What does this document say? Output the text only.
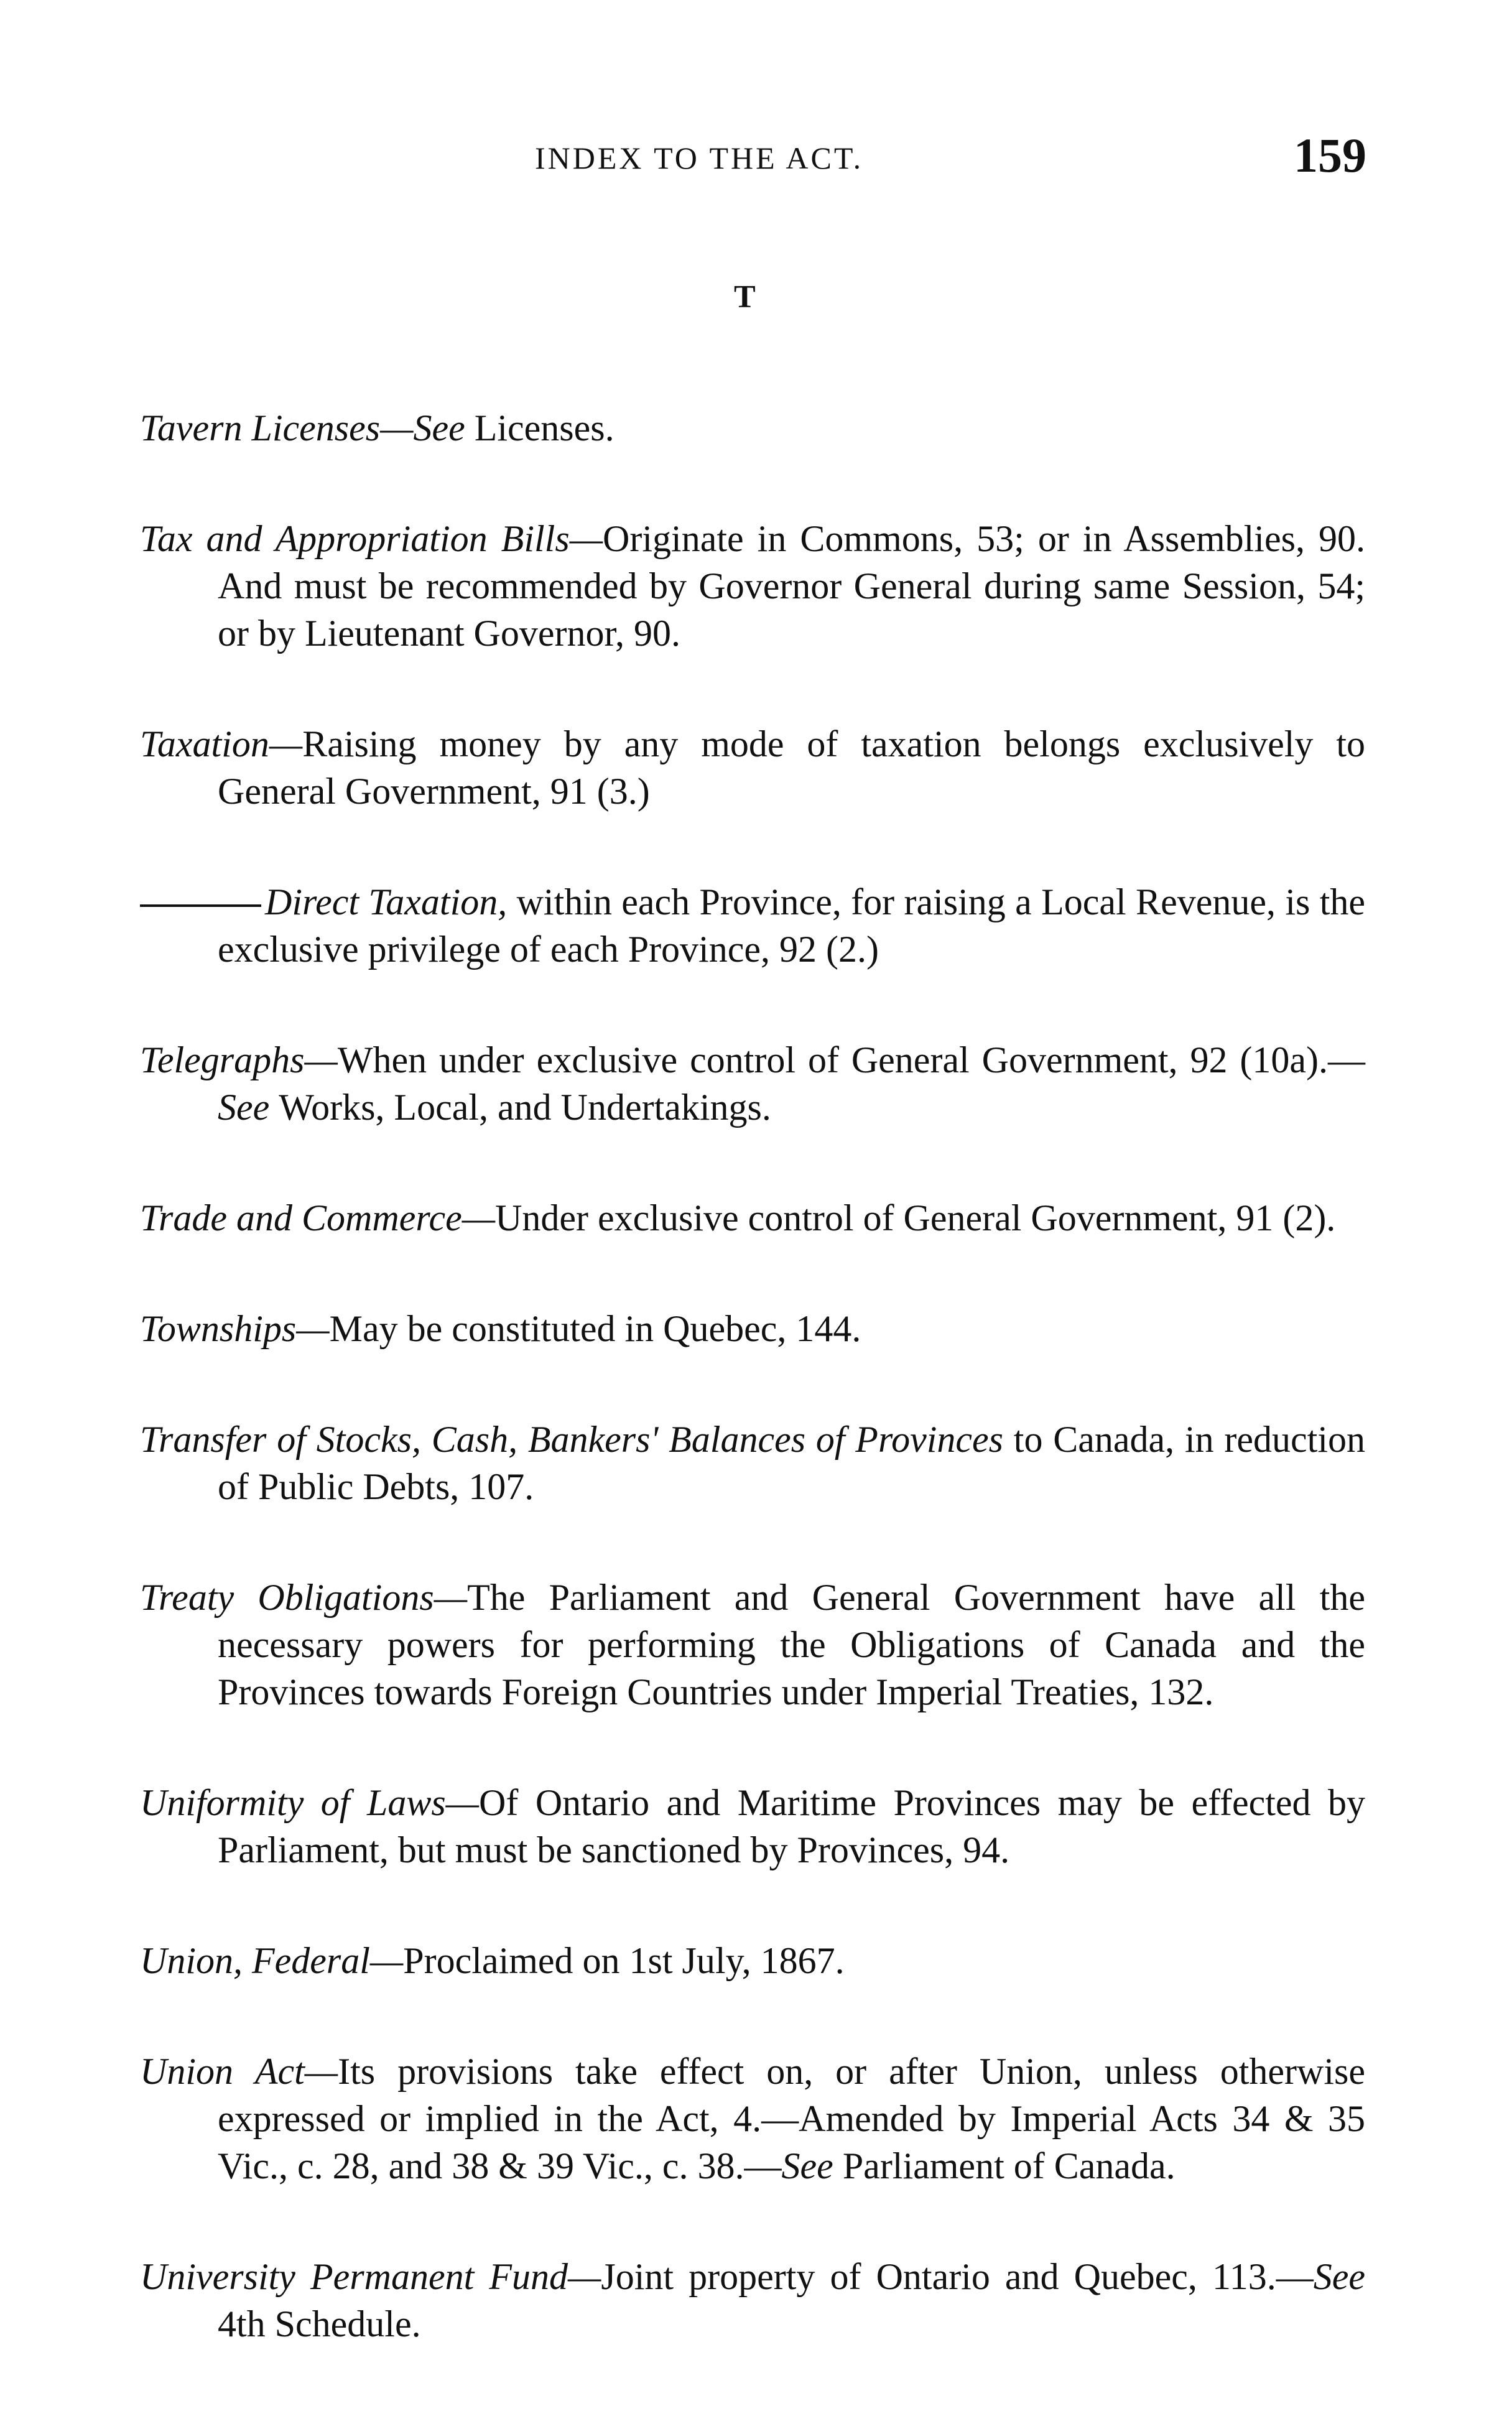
INDEX TO THE ACT.	159
T

Tavern Licenses—See Licenses.

Tax and Appropriation Bills—Originate in Commons, 53; or in Assemblies, 90. And must be recommended by Governor General during same Session, 54; or by Lieutenant Governor, 90.

Taxation—Raising money by any mode of taxation belongs exclusively to General Government, 91 (3.)

Direct Taxation, within each Province, for raising a Local Revenue, is the exclusive privilege of each Province, 92 (2.)

Telegraphs—When under exclusive control of General Government, 92 (10a).—See Works, Local, and Undertakings.

Trade and Commerce—Under exclusive control of General Government, 91 (2).

Townships—May be constituted in Quebec, 144.

Transfer of Stocks, Cash, Bankers' Balances of Provinces to Canada, in reduction of Public Debts, 107.

Treaty Obligations—The Parliament and General Government have all the necessary powers for performing the Obligations of Canada and the Provinces towards Foreign Countries under Imperial Treaties, 132.

Uniformity of Laws—Of Ontario and Maritime Provinces may be effected by Parliament, but must be sanctioned by Provinces, 94.

Union, Federal—Proclaimed on 1st July, 1867.

Union Act—Its provisions take effect on, or after Union, unless otherwise expressed or implied in the Act, 4.—Amended by Imperial Acts 34 & 35 Vic., c. 28, and 38 & 39 Vic., c. 38.—See Parliament of Canada.

University Permanent Fund—Joint property of Ontario and Quebec, 113.—See 4th Schedule.
